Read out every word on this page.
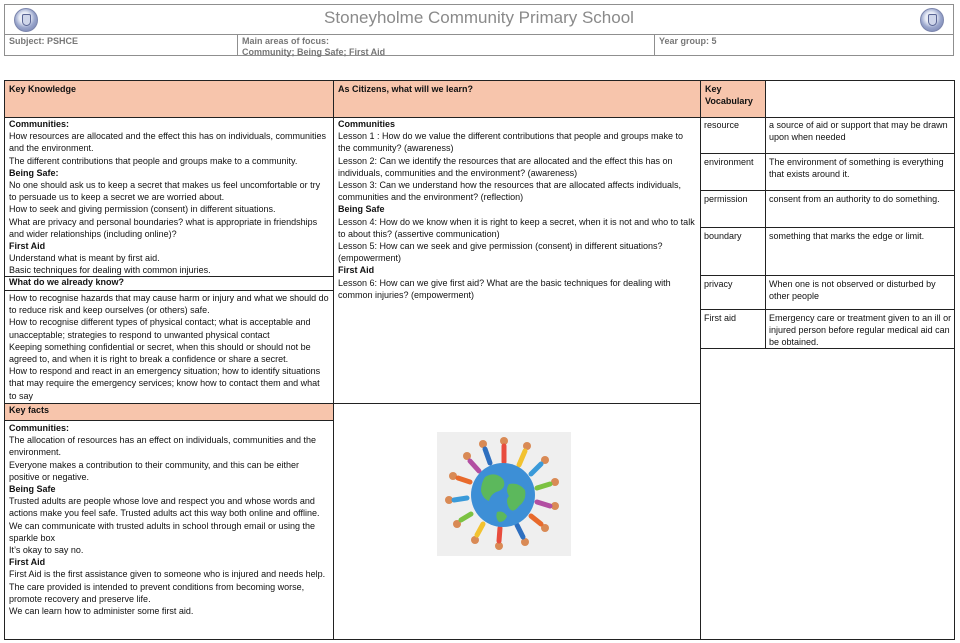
Stoneyholme Community Primary School
Subject: PSHCE	Main areas of focus:
Community; Being Safe; First Aid
Year group: 5
Key Knowledge	As Citizens, what will we learn?	Key Vocabulary
Communities:
How resources are allocated and the effect this has on individuals, communities and the environment.
The different contributions that people and groups make to a community.
Being Safe:
No one should ask us to keep a secret that makes us feel uncomfortable or try to persuade us to keep a secret we are worried about.
How to seek and giving permission (consent) in different situations.
What are privacy and personal boundaries? what is appropriate in friendships and wider relationships (including online)?
First Aid
Understand what is meant by first aid.
Basic techniques for dealing with common injuries.
What do we already know?
How to recognise hazards that may cause harm or injury and what we should do to reduce risk and keep ourselves (or others) safe.
How to recognise different types of physical contact; what is acceptable and unacceptable; strategies to respond to unwanted physical contact
Keeping something confidential or secret, when this should or should not be agreed to, and when it is right to break a confidence or share a secret.
How to respond and react in an emergency situation; how to identify situations that may require the emergency services; know how to contact them and what to say
Key facts
Communities:
The allocation of resources has an effect on individuals, communities and the environment.
Everyone makes a contribution to their community, and this can be either positive or negative.
Being Safe
Trusted adults are people whose love and respect you and whose words and actions make you feel safe. Trusted adults act this way both online and offline.
We can communicate with trusted adults in school through email or using the sparkle box
It’s okay to say no.
First Aid
First Aid is the first assistance given to someone who is injured and needs help.
The care provided is intended to prevent conditions from becoming worse, promote recovery and preserve life.
We can learn how to administer some first aid.
Communities
Lesson 1 : How do we value the different contributions that people and groups make to the community? (awareness)
Lesson 2: Can we identify the resources that are allocated and the effect this has on individuals, communities and the environment? (awareness)
Lesson 3: Can we understand how the resources that are allocated affects individuals, communities and the environment? (reflection)
Being Safe
Lesson 4: How do we know when it is right to keep a secret, when it is not and who to talk to about this? (assertive communication)
Lesson 5: How can we seek and give permission (consent) in different situations? (empowerment)
First Aid
Lesson 6: How can we give first aid? What are the basic techniques for dealing with common injuries? (empowerment)
resource	a source of aid or support that may be drawn upon when needed
environment The environment of something is everything that exists around it.
permission consent from an authority to do something.
boundary	something that marks the edge or limit.
privacy	When one is not observed or disturbed by other people
First aid	Emergency care or treatment given to an ill or injured person before regular medical aid can be obtained.
